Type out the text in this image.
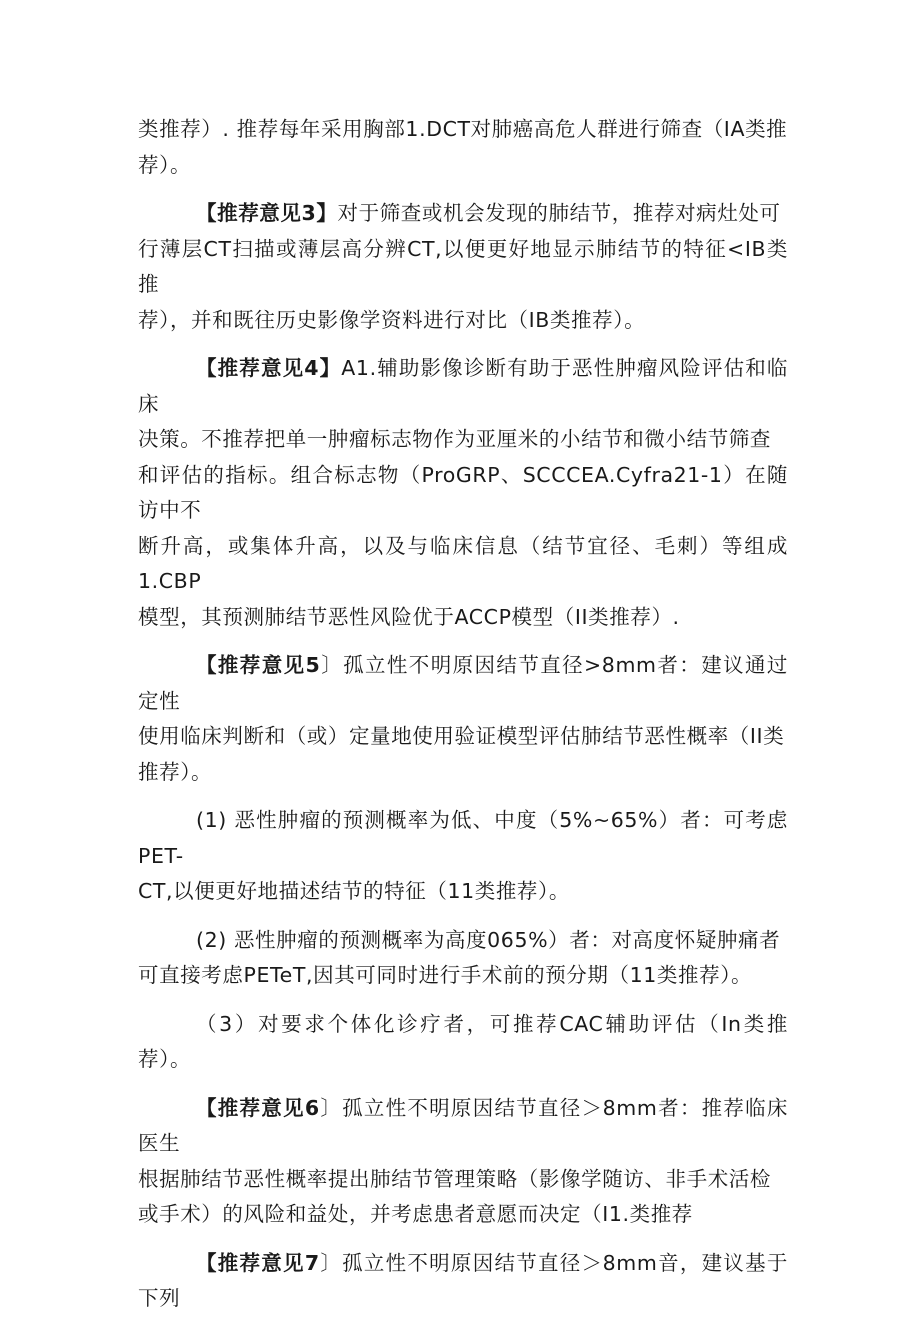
类推荐）. 推荐每年采用胸部1.DCT对肺癌高危人群进行筛查（IA类推

荐）。

【推荐意见3】对于筛查或机会发现的肺结节，推荐对病灶处可

行薄层CT扫描或薄层高分辨CT,以便更好地显示肺结节的特征<IB类推

荐），并和既往历史影像学资料进行对比（IB类推荐）。

【推荐意见4】A1.辅助影像诊断有助于恶性肿瘤风险评估和临床

决策。不推荐把单一肿瘤标志物作为亚厘米的小结节和微小结节筛查

和评估的指标。组合标志物（ProGRP、SCCCEA.Cyfra21-1）在随访中不

断升高，或集体升高，以及与临床信息（结节宜径、毛刺）等组成1.CBP

模型，其预测肺结节恶性风险优于ACCP模型（II类推荐）.

【推荐意见5〕孤立性不明原因结节直径>8mm者：建议通过定性

使用临床判断和（或）定量地使用验证模型评估肺结节恶性概率（II类

推荐）。

(1) 恶性肿瘤的预测概率为低、中度（5%~65%）者：可考虑PET-

CT,以便更好地描述结节的特征（11类推荐）。

(2) 恶性肿瘤的预测概率为高度065%）者：对高度怀疑肿痛者

可直接考虑PETeT,因其可同时进行手术前的预分期（11类推荐）。

（3）对要求个体化诊疗者，可推荐CAC辅助评估（In类推荐）。

【推荐意见6〕孤立性不明原因结节直径＞8mm者：推荐临床医生

根据肺结节恶性概率提出肺结节管理策略（影像学随访、非手术活检

或手术）的风险和益处，并考虑患者意愿而决定（I1.类推荐

【推荐意见7〕孤立性不明原因结节直径＞8mm音，建议基于下列
